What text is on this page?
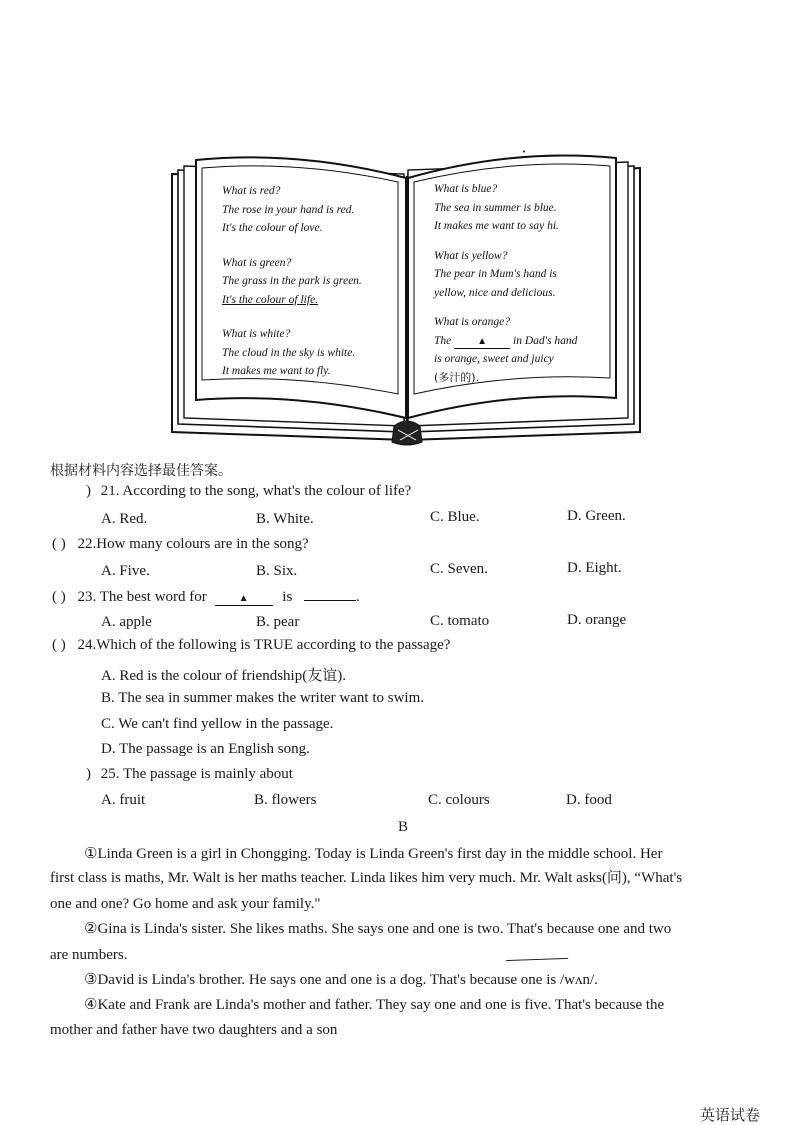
What is red?
The rose in your hand is red.
It's the colour of love.
What is green?
The grass in the park is green.
It's the colour of life.
What is white?
The cloud in the sky is white.
It makes me want to fly.
What is blue?
The sea in summer is blue.
It makes me want to say hi.
What is yellow?
The pear in Mum's hand is
yellow, nice and delicious.
What is orange?
The	▲ in Dad's hand
is orange, sweet and juicy
(多汁的).
根据材料内容选择最佳答案。
) 21. According to the song, what's the colour of life?
A. Red.	B. White.	C. Blue.	D. Green.
( ) 22.How many colours are in the song?
A. Five.	B. Six.	C. Seven.	D. Eight.
( ) 23. The best word for	▲ is	.
A. apple	B. pear	C. tomato	D. orange
( ) 24.Which of the following is TRUE according to the passage?
A. Red is the colour of friendship(友谊).
B. The sea in summer makes the writer want to swim.
C. We can't find yellow in the passage.
D. The passage is an English song.
) 25. The passage is mainly about
A. fruit	B. flowers	C. colours	D. food
B
①Linda Green is a girl in Chongging. Today is Linda Green's first day in the middle school. Her
first class is maths, Mr. Walt is her maths teacher. Linda likes him very much. Mr. Walt asks(问), “What's
one and one? Go home and ask your family."
②Gina is Linda's sister. She likes maths. She says one and one is two. That's because one and two
are numbers.
③David is Linda's brother. He says one and one is a dog. That's because one is /wʌn/.
④Kate and Frank are Linda's mother and father. They say one and one is five. That's because the
mother and father have two daughters and a son
英语试卷
